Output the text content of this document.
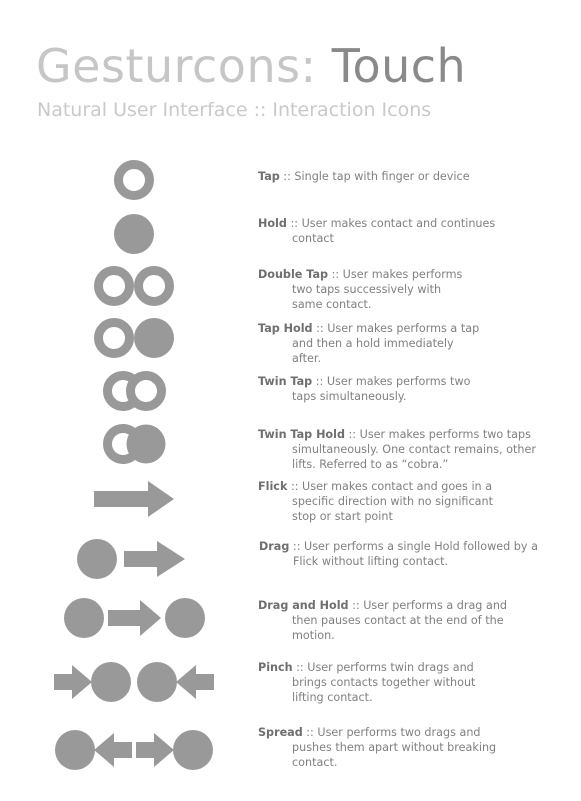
Gesturcons: Touch
Natural User Interface :: Interaction Icons
Tap :: Single tap with finger or device
Hold :: User makes contact and continues
contact
Double Tap :: User makes performs
two taps successively with
same contact.
Tap Hold :: User makes performs a tap
and then a hold immediately
after.
Twin Tap :: User makes performs two
taps simultaneously.
Twin Tap Hold :: User makes performs two taps
simultaneously. One contact remains, other
lifts. Referred to as “cobra.”
Flick :: User makes contact and goes in a
specific direction with no significant
stop or start point
Drag :: User performs a single Hold followed by a
Flick without lifting contact.
Drag and Hold :: User performs a drag and
then pauses contact at the end of the
motion.
Pinch :: User performs twin drags and
brings contacts together without
lifting contact.
Spread :: User performs two drags and
pushes them apart without breaking
contact.
